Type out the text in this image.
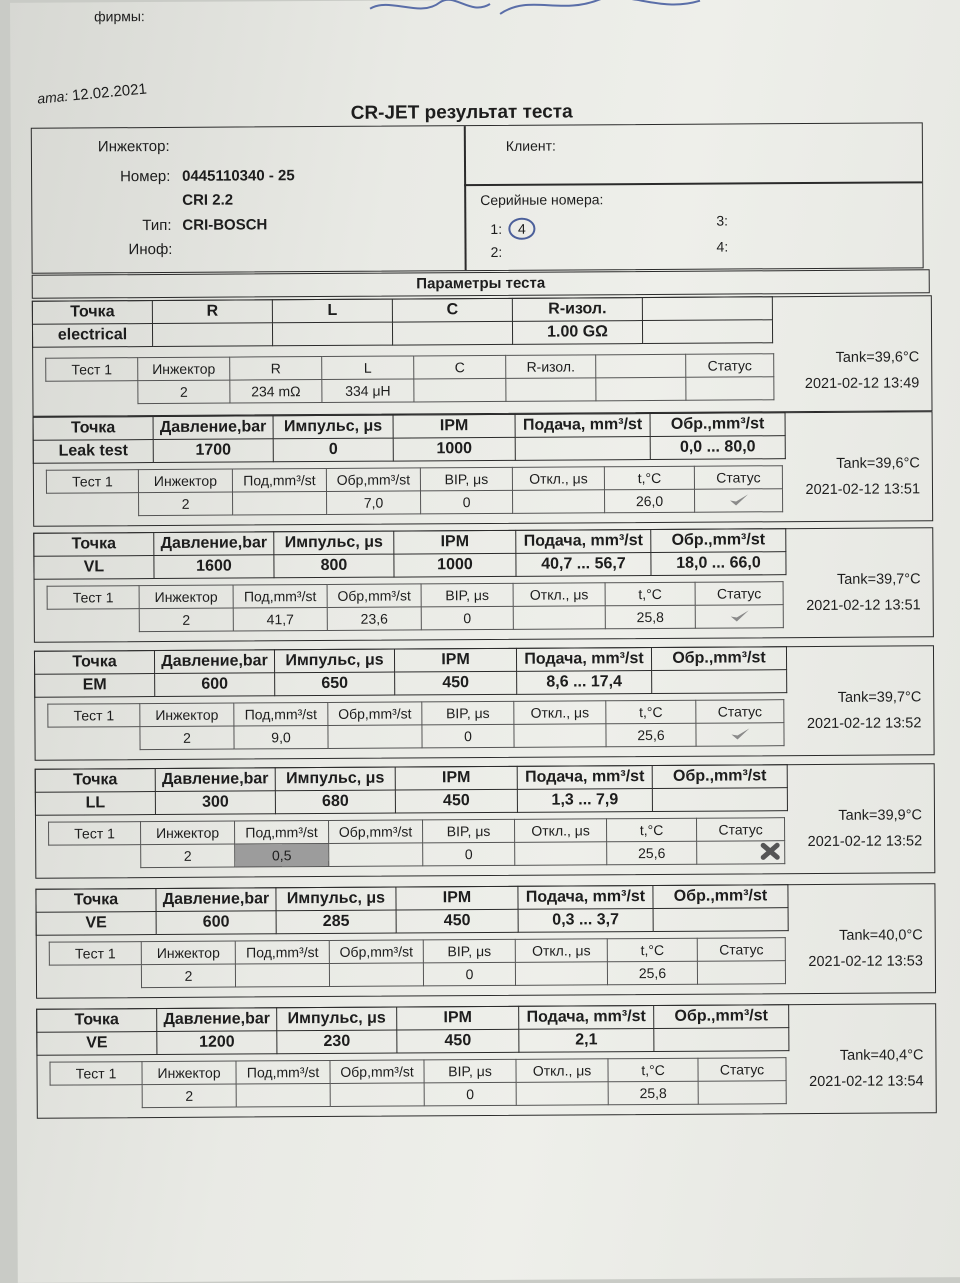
фирмы:
ата: 12.02.2021
CR-JET результат теста
Инжектор:
Номер: 0445110340 - 25
CRI 2.2
Тип: CRI-BOSCH
Иноф:
Клиент:
Серийные номера:
1: 4
2:
3:
4:
Параметры теста
Точка	R	L	C	R-изол.	
electrical				1.00 GΩ	
Тест 1	Инжектор	R	L	C	R-изол.		Статус
	2	234 mΩ	334 μH				
Tank=39,6°C
2021-02-12 13:49
Точка	Давление,bar	Импульс, μs	IPM	Подача, mm³/st	Обр.,mm³/st
Leak test	1700	0	1000		0,0 ... 80,0
Тест 1	Инжектор	Под,mm³/st	Обр,mm³/st	BIP, μs	Откл., μs	t,°C	Статус
	2		7,0	0		26,0	
Tank=39,6°C
2021-02-12 13:51
Точка	Давление,bar	Импульс, μs	IPM	Подача, mm³/st	Обр.,mm³/st
VL	1600	800	1000	40,7 ... 56,7	18,0 ... 66,0
Тест 1	Инжектор	Под,mm³/st	Обр,mm³/st	BIP, μs	Откл., μs	t,°C	Статус
	2	41,7	23,6	0		25,8	
Tank=39,7°C
2021-02-12 13:51
Точка	Давление,bar	Импульс, μs	IPM	Подача, mm³/st	Обр.,mm³/st
EM	600	650	450	8,6 ... 17,4	
Тест 1	Инжектор	Под,mm³/st	Обр,mm³/st	BIP, μs	Откл., μs	t,°C	Статус
	2	9,0		0		25,6	
Tank=39,7°C
2021-02-12 13:52
Точка	Давление,bar	Импульс, μs	IPM	Подача, mm³/st	Обр.,mm³/st
LL	300	680	450	1,3 ... 7,9	
Тест 1	Инжектор	Под,mm³/st	Обр,mm³/st	BIP, μs	Откл., μs	t,°C	Статус
	2	0,5		0		25,6	
Tank=39,9°C
2021-02-12 13:52
Точка	Давление,bar	Импульс, μs	IPM	Подача, mm³/st	Обр.,mm³/st
VE	600	285	450	0,3 ... 3,7	
Тест 1	Инжектор	Под,mm³/st	Обр,mm³/st	BIP, μs	Откл., μs	t,°C	Статус
	2			0		25,6	
Tank=40,0°C
2021-02-12 13:53
Точка	Давление,bar	Импульс, μs	IPM	Подача, mm³/st	Обр.,mm³/st
VE	1200	230	450	2,1	
Тест 1	Инжектор	Под,mm³/st	Обр,mm³/st	BIP, μs	Откл., μs	t,°C	Статус
	2			0		25,8	
Tank=40,4°C
2021-02-12 13:54
